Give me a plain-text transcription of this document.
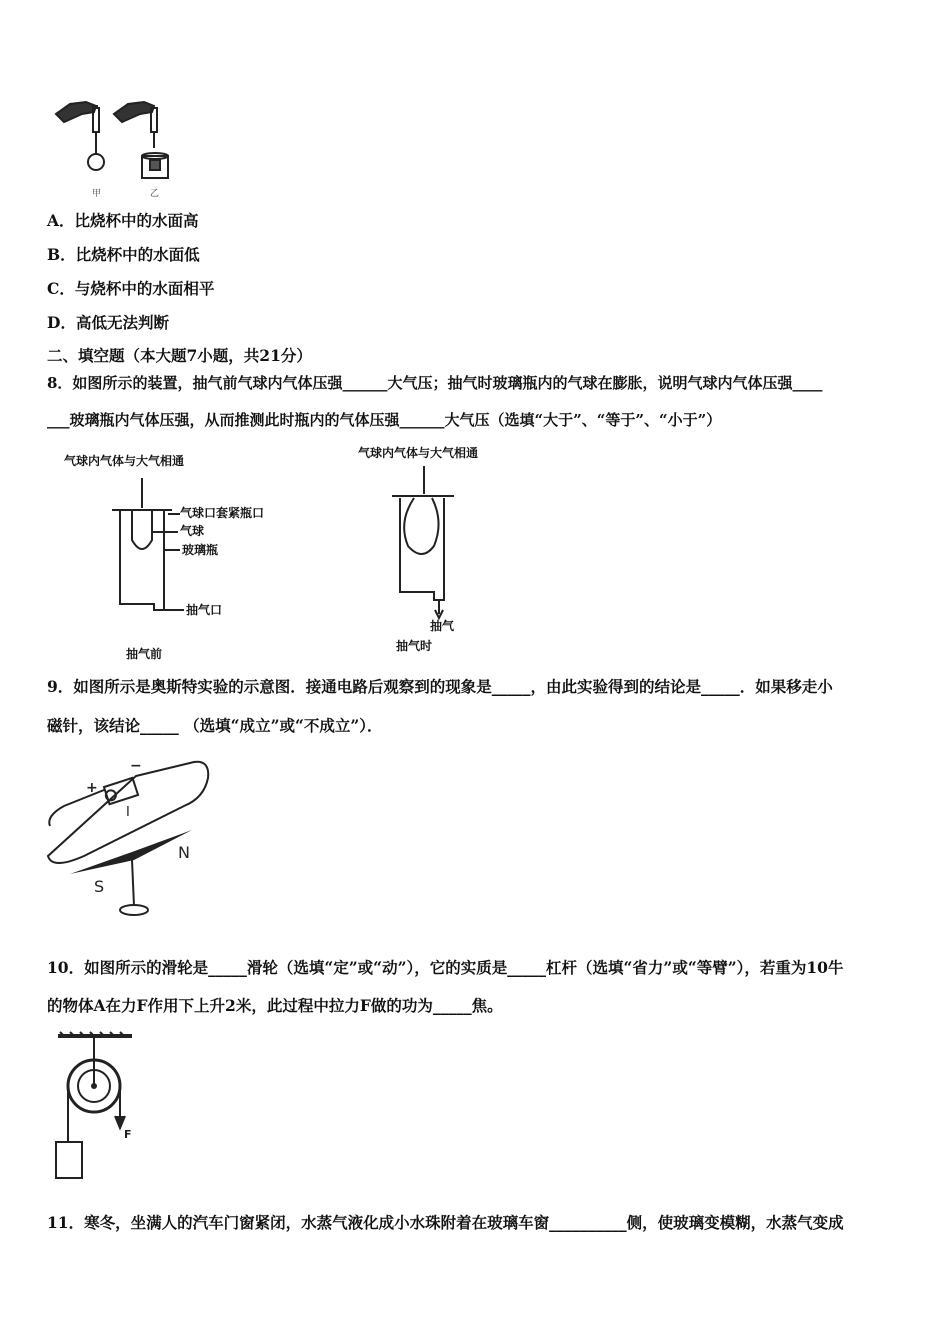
甲	乙
A．比烧杯中的水面高
B．比烧杯中的水面低
C．与烧杯中的水面相平
D．高低无法判断
二、填空题（本大题7小题，共21分）
8．如图所示的装置，抽气前气球内气体压强______大气压；抽气时玻璃瓶内的气球在膨胀，说明气球内气体压强____
___玻璃瓶内气体压强，从而推测此时瓶内的气体压强______大气压（选填“大于”、“等于”、“小于”）
气球内气体与大气相通
气球口套紧瓶口
气球
玻璃瓶
抽气口
抽气前
气球内气体与大气相通
抽气
抽气时
9．如图所示是奥斯特实验的示意图．接通电路后观察到的现象是_____，由此实验得到的结论是_____．如果移走小
磁针，该结论_____ （选填“成立”或“不成立”）．
+
−
I
N
S
10．如图所示的滑轮是_____滑轮（选填“定”或“动”），它的实质是_____杠杆（选填“省力”或“等臂”），若重为10牛
的物体A在力F作用下上升2米，此过程中拉力F做的功为_____焦。
F
11．寒冬，坐满人的汽车门窗紧闭，水蒸气液化成小水珠附着在玻璃车窗__________侧，使玻璃变模糊，水蒸气变成
